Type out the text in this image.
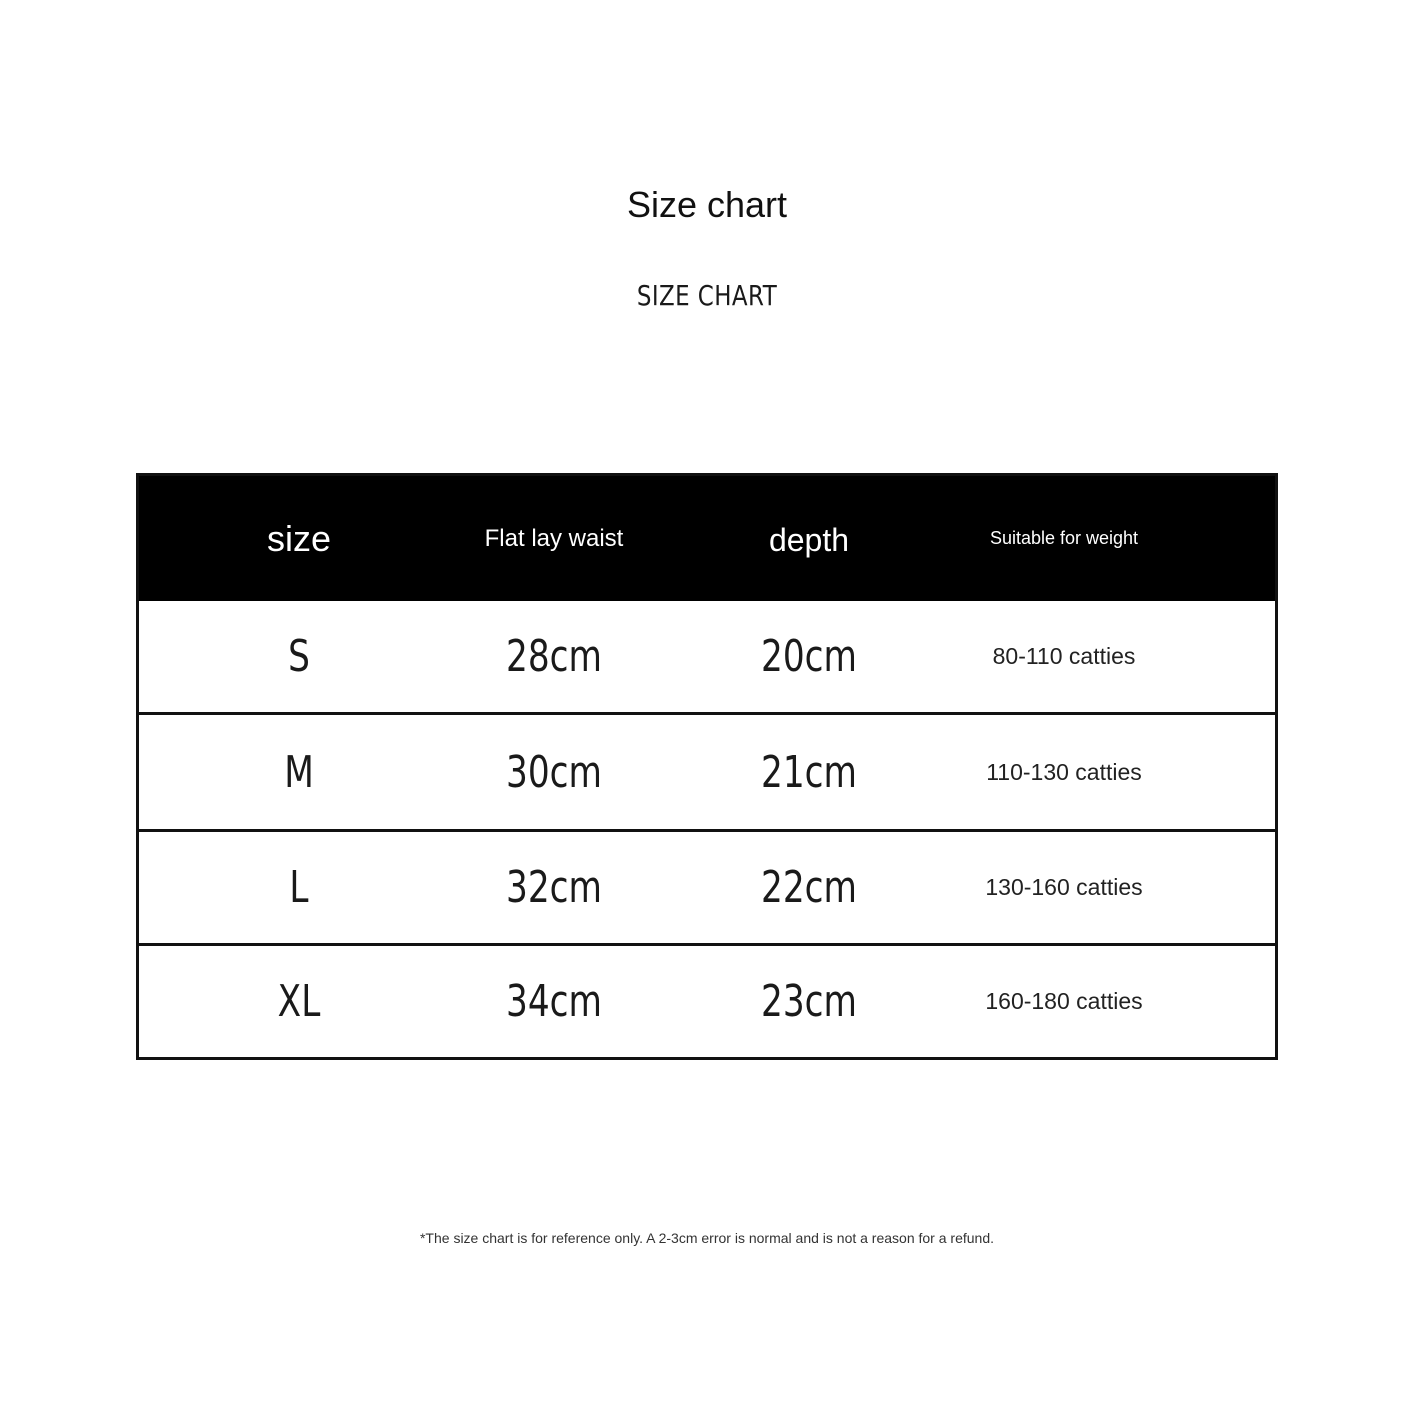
Size chart
SIZE CHART
size	Flat lay waist	depth	Suitable for weight
S	28cm	20cm	80-110 catties
M	30cm	21cm	110-130 catties
L	32cm	22cm	130-160 catties
XL	34cm	23cm	160-180 catties
*The size chart is for reference only. A 2-3cm error is normal and is not a reason for a refund.
